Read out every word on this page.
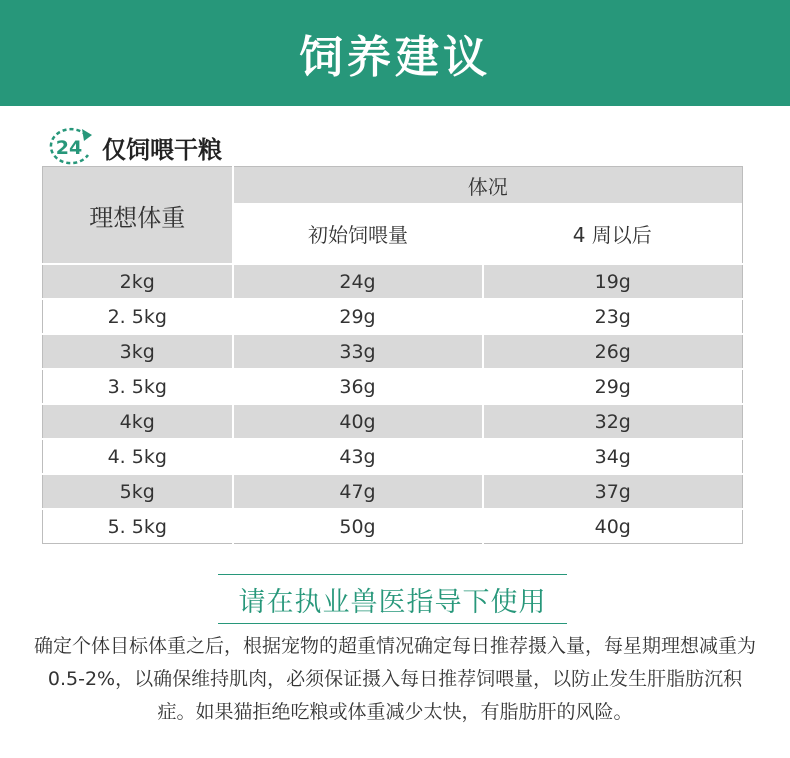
饲养建议
24 仅饲喂干粮
理想体重	体况	
	初始饲喂量	4 周以后
2kg	24g	19g
2. 5kg	29g	23g
3kg	33g	26g
3. 5kg	36g	29g
4kg	40g	32g
4. 5kg	43g	34g
5kg	47g	37g
5. 5kg	50g	40g
请在执业兽医指导下使用
确定个体目标体重之后，根据宠物的超重情况确定每日推荐摄入量，每星期理想减重为 0.5-2%，以确保维持肌肉，必须保证摄入每日推荐饲喂量，以防止发生肝脂肪沉积症。如果猫拒绝吃粮或体重减少太快，有脂肪肝的风险。
